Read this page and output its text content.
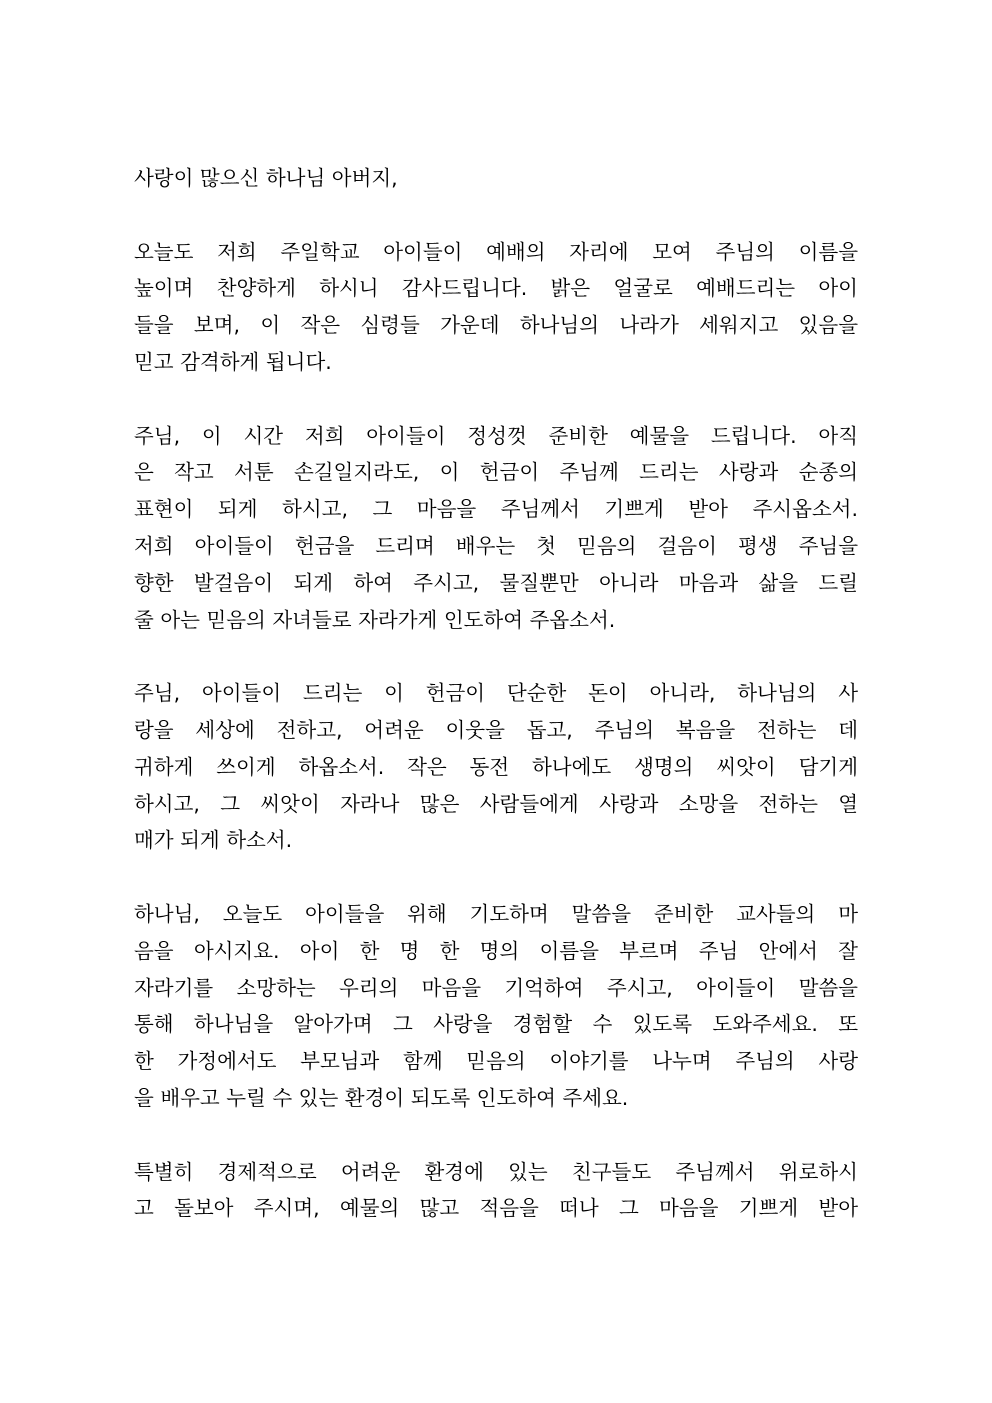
사랑이 많으신 하나님 아버지,
오늘도 저희 주일학교 아이들이 예배의 자리에 모여 주님의 이름을
높이며 찬양하게 하시니 감사드립니다. 밝은 얼굴로 예배드리는 아이
들을 보며, 이 작은 심령들 가운데 하나님의 나라가 세워지고 있음을
믿고 감격하게 됩니다.
주님, 이 시간 저희 아이들이 정성껏 준비한 예물을 드립니다. 아직
은 작고 서툰 손길일지라도, 이 헌금이 주님께 드리는 사랑과 순종의
표현이 되게 하시고, 그 마음을 주님께서 기쁘게 받아 주시옵소서.
저희 아이들이 헌금을 드리며 배우는 첫 믿음의 걸음이 평생 주님을
향한 발걸음이 되게 하여 주시고, 물질뿐만 아니라 마음과 삶을 드릴
줄 아는 믿음의 자녀들로 자라가게 인도하여 주옵소서.
주님, 아이들이 드리는 이 헌금이 단순한 돈이 아니라, 하나님의 사
랑을 세상에 전하고, 어려운 이웃을 돕고, 주님의 복음을 전하는 데
귀하게 쓰이게 하옵소서. 작은 동전 하나에도 생명의 씨앗이 담기게
하시고, 그 씨앗이 자라나 많은 사람들에게 사랑과 소망을 전하는 열
매가 되게 하소서.
하나님, 오늘도 아이들을 위해 기도하며 말씀을 준비한 교사들의 마
음을 아시지요. 아이 한 명 한 명의 이름을 부르며 주님 안에서 잘
자라기를 소망하는 우리의 마음을 기억하여 주시고, 아이들이 말씀을
통해 하나님을 알아가며 그 사랑을 경험할 수 있도록 도와주세요. 또
한 가정에서도 부모님과 함께 믿음의 이야기를 나누며 주님의 사랑
을 배우고 누릴 수 있는 환경이 되도록 인도하여 주세요.
특별히 경제적으로 어려운 환경에 있는 친구들도 주님께서 위로하시
고 돌보아 주시며, 예물의 많고 적음을 떠나 그 마음을 기쁘게 받아
